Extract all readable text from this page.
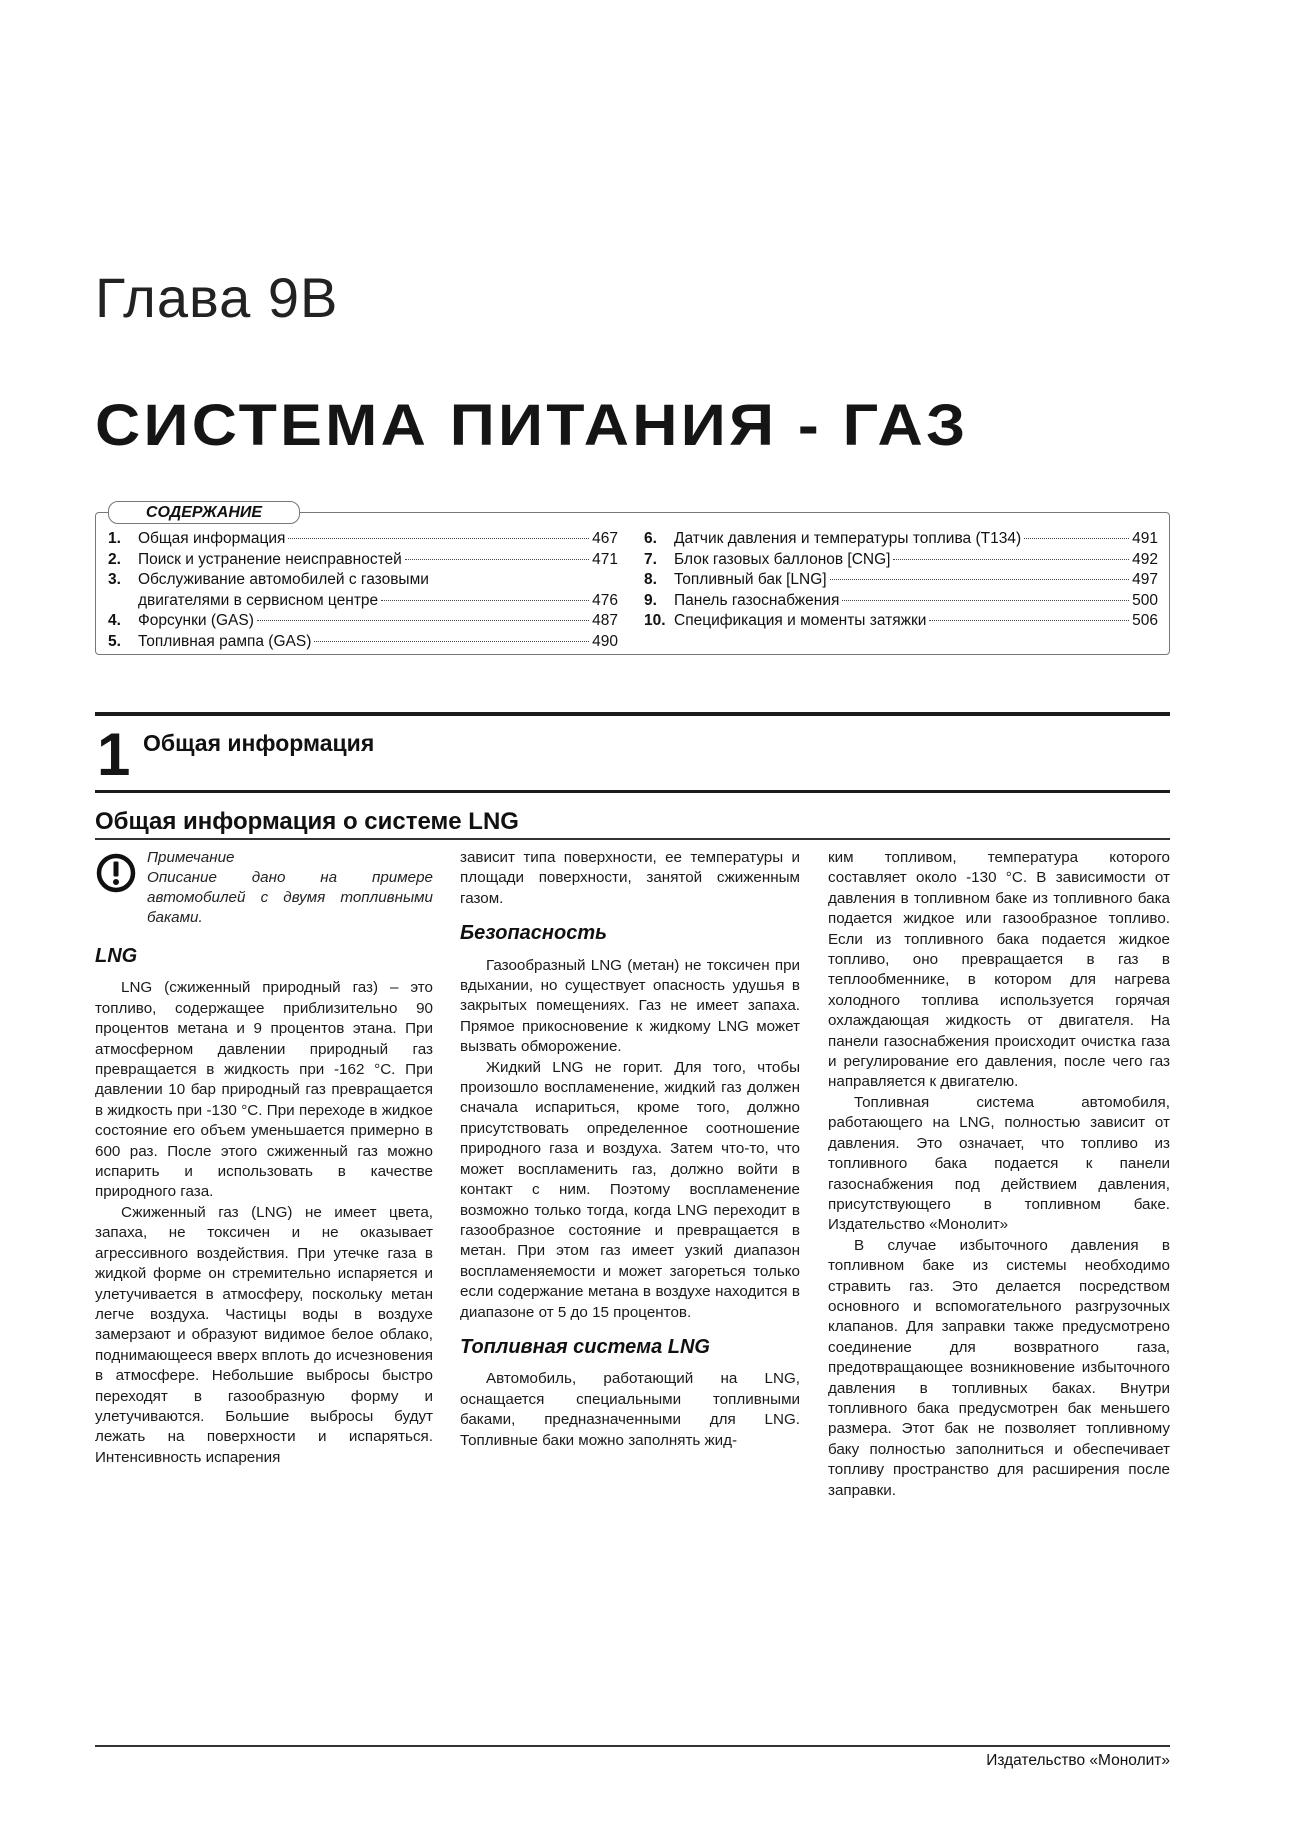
Глава 9В
СИСТЕМА ПИТАНИЯ - ГАЗ
СОДЕРЖАНИЕ
1.	Общая информация	467
2.	Поиск и устранение неисправностей	471
3.	Обслуживание автомобилей с газовыми
двигателями в сервисном центре	476
4.	Форсунки (GAS)	487
5.	Топливная рампа (GAS)	490
6.	Датчик давления и температуры топлива (T134)	491
7.	Блок газовых баллонов [CNG]	492
8.	Топливный бак [LNG]	497
9.	Панель газоснабжения	500
10. Спецификация и моменты затяжки	506
1 Общая информация
Общая информация о системе LNG
Примечание
Описание дано на примере автомобилей с двумя топливными баками.
LNG

LNG (сжиженный природный газ) – это топливо, содержащее приблизительно 90 процентов метана и 9 процентов этана. При атмосферном давлении природный газ превращается в жидкость при -162 °C. При давлении 10 бар природный газ превращается в жидкость при -130 °C. При переходе в жидкое состояние его объем уменьшается примерно в 600 раз. После этого сжиженный газ можно испарить и использовать в качестве природного газа.

Сжиженный газ (LNG) не имеет цвета, запаха, не токсичен и не оказывает агрессивного воздействия. При утечке газа в жидкой форме он стремительно испаряется и улетучивается в атмосферу, поскольку метан легче воздуха. Частицы воды в воздухе замерзают и образуют видимое белое облако, поднимающееся вверх вплоть до исчезновения в атмосфере. Небольшие выбросы быстро переходят в газообразную форму и улетучиваются. Большие выбросы будут лежать на поверхности и испаряться. Интенсивность испарения

зависит типа поверхности, ее температуры и площади поверхности, занятой сжиженным газом.

Безопасность

Газообразный LNG (метан) не токсичен при вдыхании, но существует опасность удушья в закрытых помещениях. Газ не имеет запаха. Прямое прикосновение к жидкому LNG может вызвать обморожение.

Жидкий LNG не горит. Для того, чтобы произошло воспламенение, жидкий газ должен сначала испариться, кроме того, должно присутствовать определенное соотношение природного газа и воздуха. Затем что-то, что может воспламенить газ, должно войти в контакт с ним. Поэтому воспламенение возможно только тогда, когда LNG переходит в газообразное состояние и превращается в метан. При этом газ имеет узкий диапазон воспламеняемости и может загореться только если содержание метана в воздухе находится в диапазоне от 5 до 15 процентов.

Топливная система LNG

Автомобиль, работающий на LNG, оснащается специальными топливными баками, предназначенными для LNG. Топливные баки можно заполнять жид-

ким топливом, температура которого составляет около -130 °C. В зависимости от давления в топливном баке из топливного бака подается жидкое или газообразное топливо. Если из топливного бака подается жидкое топливо, оно превращается в газ в теплообменнике, в котором для нагрева холодного топлива используется горячая охлаждающая жидкость от двигателя. На панели газоснабжения происходит очистка газа и регулирование его давления, после чего газ направляется к двигателю.

Топливная система автомобиля, работающего на LNG, полностью зависит от давления. Это означает, что топливо из топливного бака подается к панели газоснабжения под действием давления, присутствующего в топливном баке. Издательство «Монолит»

В случае избыточного давления в топливном баке из системы необходимо стравить газ. Это делается посредством основного и вспомогательного разгрузочных клапанов. Для заправки также предусмотрено соединение для возвратного газа, предотвращающее возникновение избыточного давления в топливных баках. Внутри топливного бака предусмотрен бак меньшего размера. Этот бак не позволяет топливному баку полностью заполниться и обеспечивает топливу пространство для расширения после заправки.

Издательство «Монолит»
